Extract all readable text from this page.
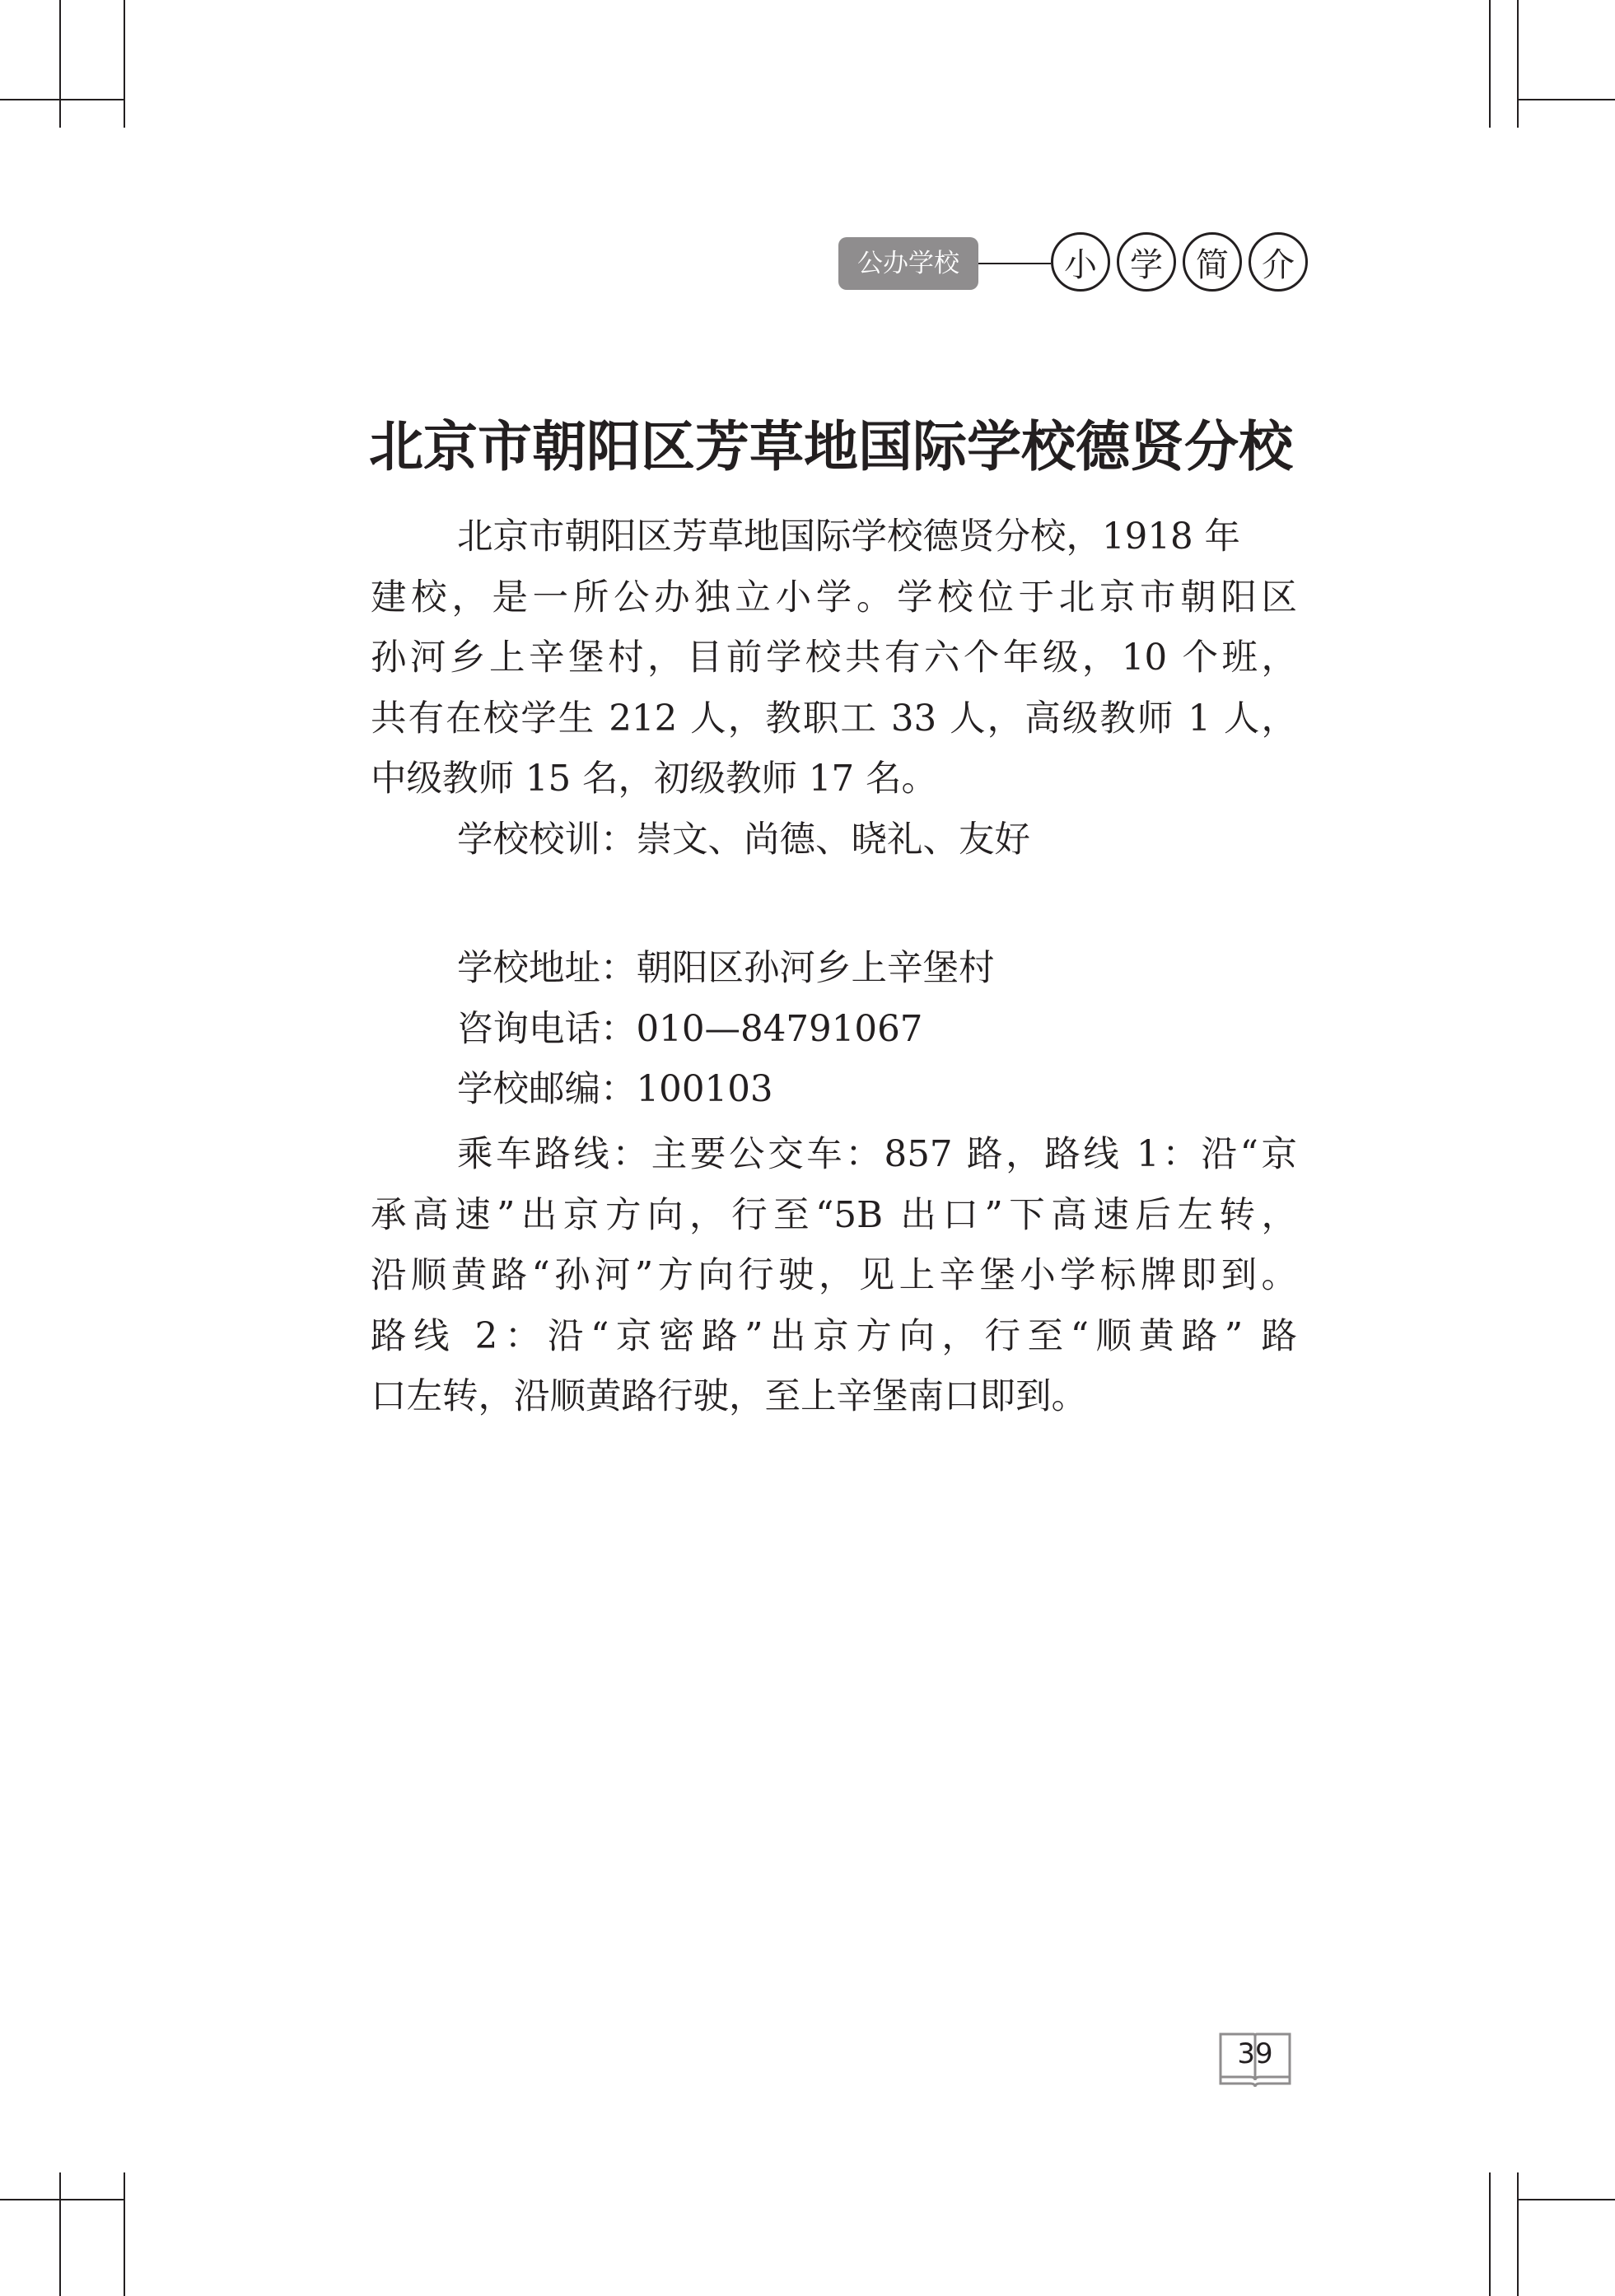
公办学校	小	学	简	介
北京市朝阳区芳草地国际学校德贤分校
北京市朝阳区芳草地国际学校德贤分校，1918 年
建校，是一所公办独立小学。学校位于北京市朝阳区
孙河乡上辛堡村，目前学校共有六个年级，10 个班，
共有在校学生 212 人，教职工 33 人，高级教师 1 人，
中级教师 15 名，初级教师 17 名。
学校校训：崇文、尚德、晓礼、友好
学校地址：朝阳区孙河乡上辛堡村
咨询电话：010—84791067
学校邮编：100103
乘车路线：主要公交车：857 路，路线 1：沿“京
承高速”出京方向，行至“5B 出口”下高速后左转，
沿顺黄路“孙河”方向行驶，见上辛堡小学标牌即到。
路线 2：沿“京密路”出京方向，行至“顺黄路” 路
口左转，沿顺黄路行驶，至上辛堡南口即到。
39
